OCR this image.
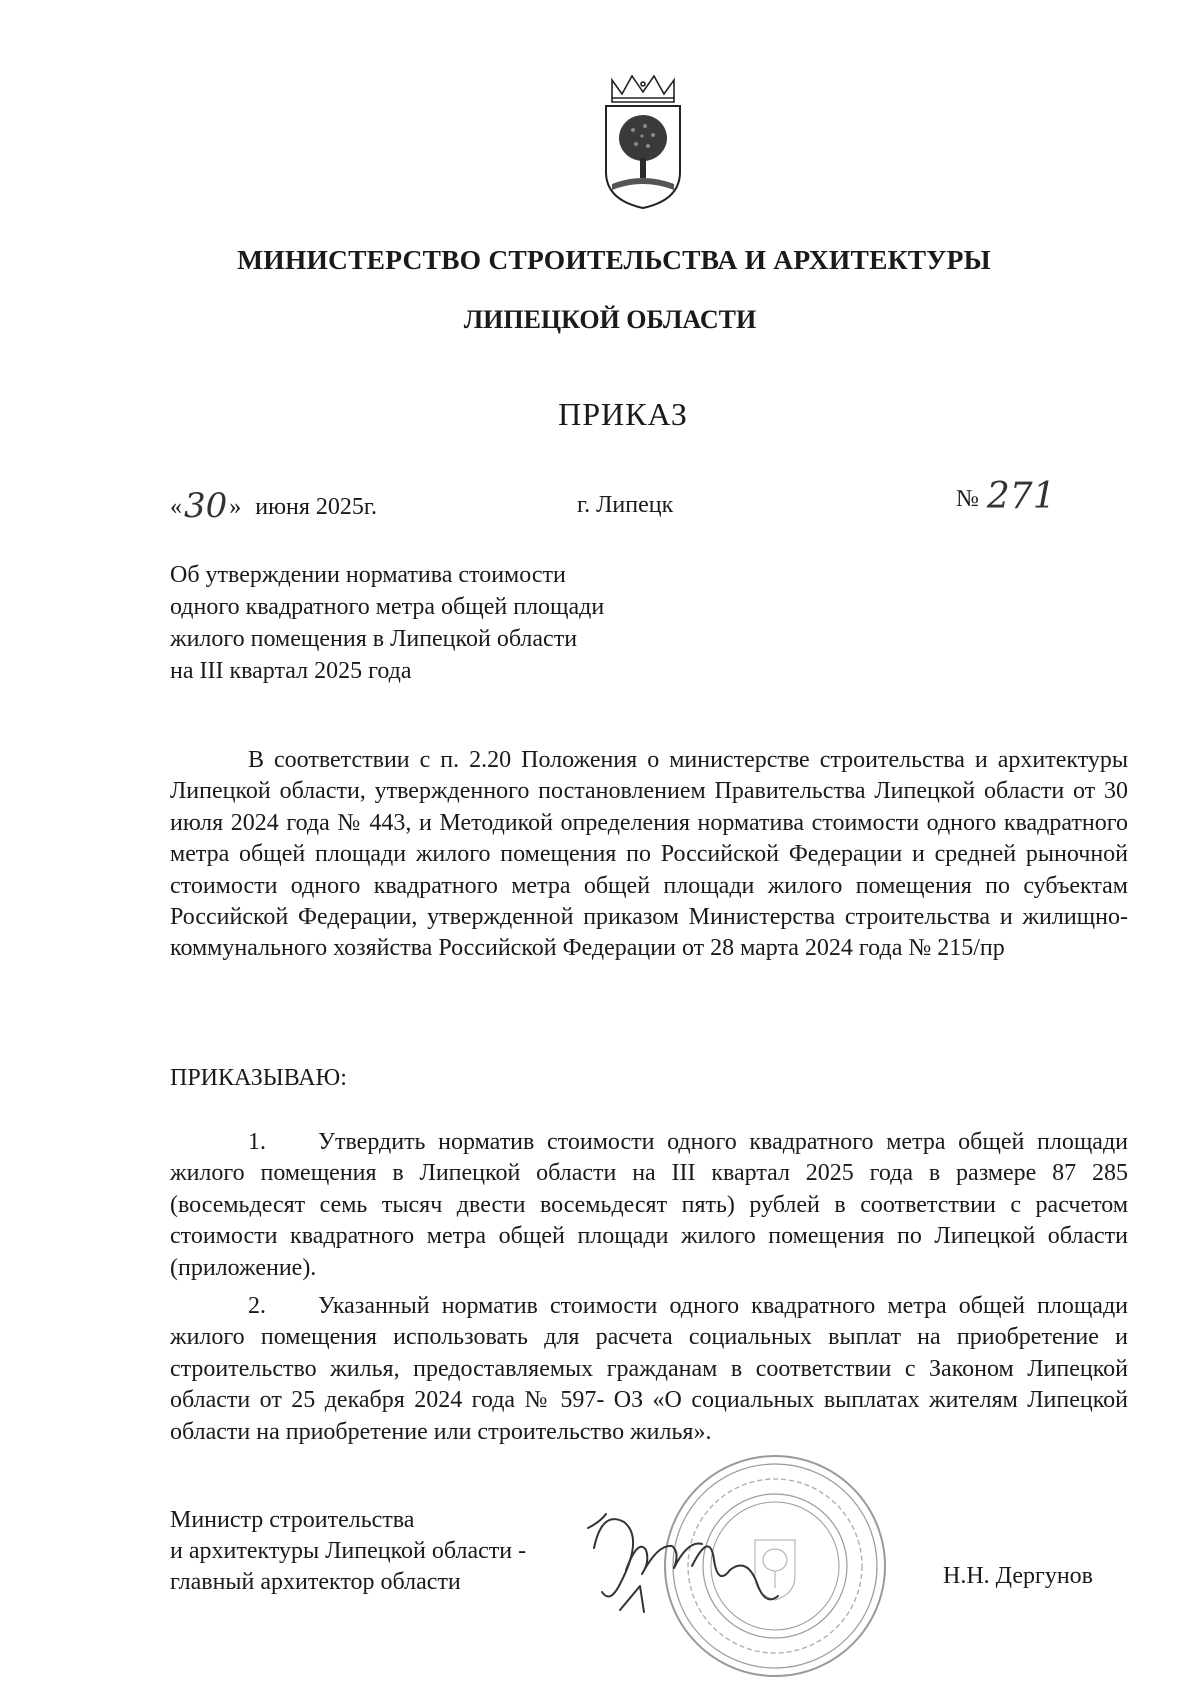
МИНИСТЕРСТВО СТРОИТЕЛЬСТВА И АРХИТЕКТУРЫ
ЛИПЕЦКОЙ ОБЛАСТИ
ПРИКАЗ
«30» июня 2025г.	г. Липецк	№ 271
Об утверждении норматива стоимости
одного квадратного метра общей площади
жилого помещения в Липецкой области
на III квартал 2025 года
В соответствии с п. 2.20 Положения о министерстве строительства и архитектуры Липецкой области, утвержденного постановлением Правительства Липецкой области от 30 июля 2024 года № 443, и Методикой определения норматива стоимости одного квадратного метра общей площади жилого помещения по Российской Федерации и средней рыночной стоимости одного квадратного метра общей площади жилого помещения по субъектам Российской Федерации, утвержденной приказом Министерства строительства и жилищно-коммунального хозяйства Российской Федерации от 28 марта 2024 года № 215/пр
ПРИКАЗЫВАЮ:
1. Утвердить норматив стоимости одного квадратного метра общей площади жилого помещения в Липецкой области на III квартал 2025 года в размере 87 285 (восемьдесят семь тысяч двести восемьдесят пять) рублей в соответствии с расчетом стоимости квадратного метра общей площади жилого помещения по Липецкой области (приложение).
2. Указанный норматив стоимости одного квадратного метра общей площади жилого помещения использовать для расчета социальных выплат на приобретение и строительство жилья, предоставляемых гражданам в соответствии с Законом Липецкой области от 25 декабря 2024 года № 597- ОЗ «О социальных выплатах жителям Липецкой области на приобретение или строительство жилья».
Министр строительства
и архитектуры Липецкой области -
главный архитектор области	Н.Н. Дергунов
